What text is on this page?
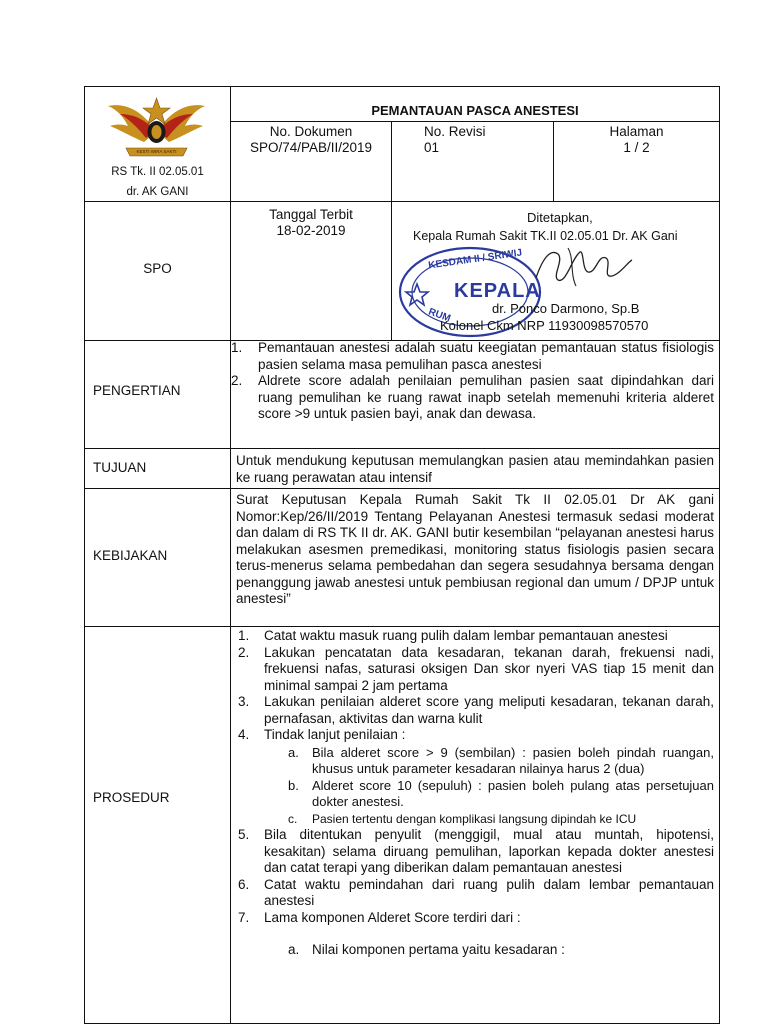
KESTI WIRA SAKTI
RS Tk. II 02.05.01
dr. AK GANI
PEMANTAUAN PASCA ANESTESI
No. Dokumen
SPO/74/PAB/II/2019
No. Revisi
01
Halaman
1 / 2
SPO
Tanggal Terbit
18-02-2019
Ditetapkan,
Kepala Rumah Sakit TK.II 02.05.01 Dr. AK Gani
KESDAM II / SRIWIJ
KEPALA
RUM	dr. Ponco Darmono, Sp.B
Kolonel Ckm NRP 11930098570570
PENGERTIAN
1. Pemantauan anestesi adalah suatu keegiatan pemantauan status fisiologis pasien selama masa pemulihan pasca anestesi
2. Aldrete score adalah penilaian pemulihan pasien saat dipindahkan dari ruang pemulihan ke ruang rawat inapb setelah memenuhi kriteria alderet score >9 untuk pasien bayi, anak dan dewasa.
TUJUAN	Untuk mendukung keputusan memulangkan pasien atau memindahkan pasien ke ruang perawatan atau intensif
KEBIJAKAN
Surat Keputusan Kepala Rumah Sakit Tk II 02.05.01 Dr AK gani Nomor:Kep/26/II/2019 Tentang Pelayanan Anestesi termasuk sedasi moderat dan dalam di RS TK II dr. AK. GANI butir kesembilan “pelayanan anestesi harus melakukan asesmen premedikasi, monitoring status fisiologis pasien secara terus-menerus selama pembedahan dan segera sesudahnya bersama dengan penanggung jawab anestesi untuk pembiusan regional dan umum / DPJP untuk anestesi”
PROSEDUR
1. Catat waktu masuk ruang pulih dalam lembar pemantauan anestesi
2. Lakukan pencatatan data kesadaran, tekanan darah, frekuensi nadi, frekuensi nafas, saturasi oksigen Dan skor nyeri VAS tiap 15 menit dan minimal sampai 2 jam pertama
3. Lakukan penilaian alderet score yang meliputi kesadaran, tekanan darah, pernafasan, aktivitas dan warna kulit
4. Tindak lanjut penilaian :
a. Bila alderet score > 9 (sembilan) : pasien boleh pindah ruangan, khusus untuk parameter kesadaran nilainya harus 2 (dua)
b. Alderet score 10 (sepuluh) : pasien boleh pulang atas persetujuan dokter anestesi.
c. Pasien tertentu dengan komplikasi langsung dipindah ke ICU
5. Bila ditentukan penyulit (menggigil, mual atau muntah, hipotensi, kesakitan) selama diruang pemulihan, laporkan kepada dokter anestesi dan catat terapi yang diberikan dalam pemantauan anestesi
6. Catat waktu pemindahan dari ruang pulih dalam lembar pemantauan anestesi
7. Lama komponen Alderet Score terdiri dari :
a. Nilai komponen pertama yaitu kesadaran :
